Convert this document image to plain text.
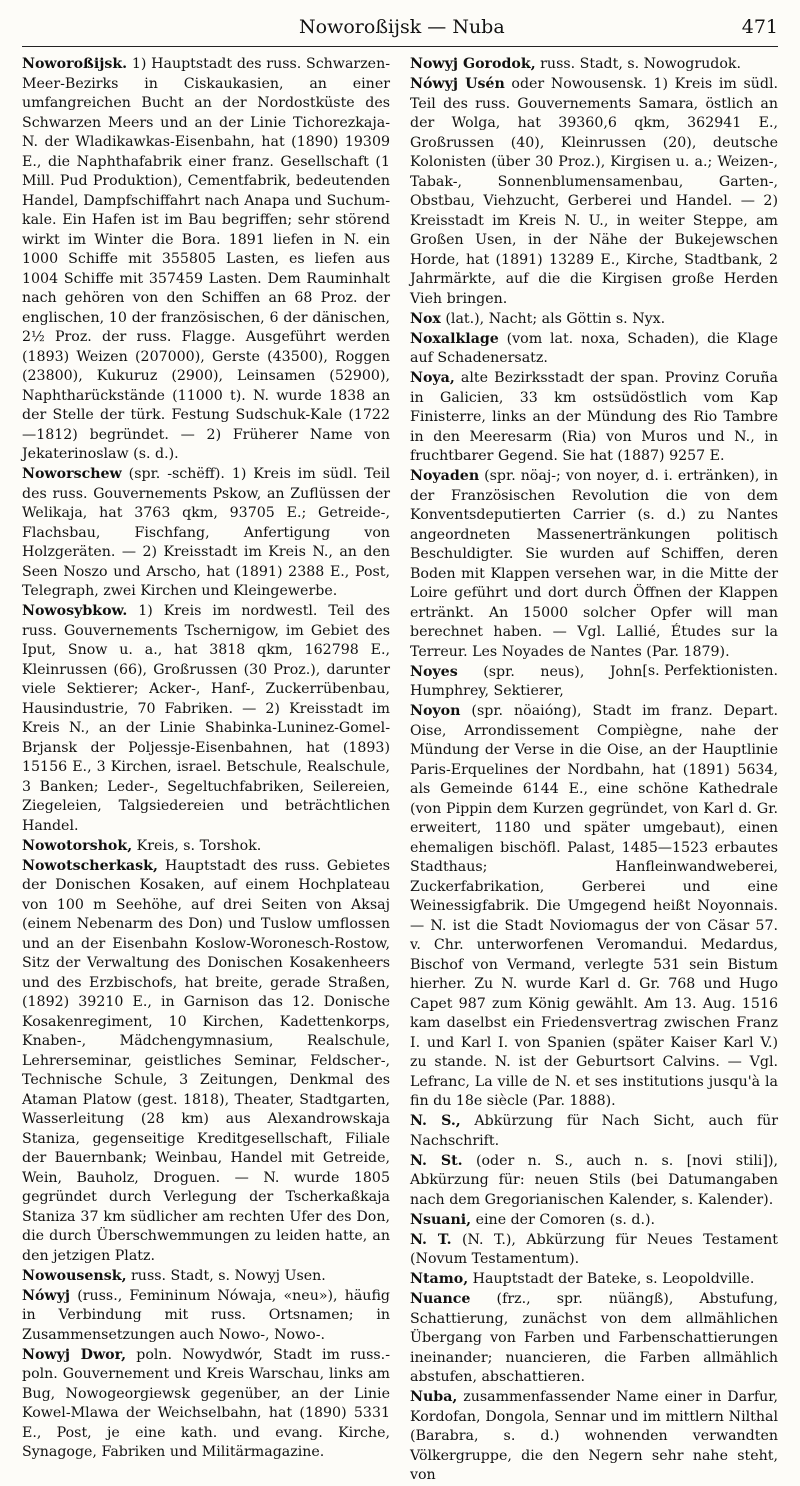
Noworoßijsk — Nuba	471

Noworoßijsk. 1) Hauptstadt des russ. Schwarzen-Meer-Bezirks in Ciskaukasien, an einer umfangreichen Bucht an der Nordostküste des Schwarzen Meers und an der Linie Tichorezkaja-N. der Wladikawkas-Eisenbahn, hat (1890) 19309 E., die Naphthafabrik einer franz. Gesellschaft (1 Mill. Pud Produktion), Cementfabrik, bedeutenden Handel, Dampfschiffahrt nach Anapa und Suchum-kale. Ein Hafen ist im Bau begriffen; sehr störend wirkt im Winter die Bora. 1891 liefen in N. ein 1000 Schiffe mit 355805 Lasten, es liefen aus 1004 Schiffe mit 357459 Lasten. Dem Rauminhalt nach gehören von den Schiffen an 68 Proz. der englischen, 10 der französischen, 6 der dänischen, 2½ Proz. der russ. Flagge. Ausgeführt werden (1893) Weizen (207000), Gerste (43500), Roggen (23800), Kukuruz (2900), Leinsamen (52900), Naphtharückstände (11000 t). N. wurde 1838 an der Stelle der türk. Festung Sudschuk-Kale (1722—1812) begründet. — 2) Früherer Name von Jekaterinoslaw (s. d.).

Noworschew (spr. -schëff). 1) Kreis im südl. Teil des russ. Gouvernements Pskow, an Zuflüssen der Welikaja, hat 3763 qkm, 93705 E.; Getreide-, Flachsbau, Fischfang, Anfertigung von Holzgeräten. — 2) Kreisstadt im Kreis N., an den Seen Noszo und Arscho, hat (1891) 2388 E., Post, Telegraph, zwei Kirchen und Kleingewerbe.

Nowosybkow. 1) Kreis im nordwestl. Teil des russ. Gouvernements Tschernigow, im Gebiet des Iput, Snow u. a., hat 3818 qkm, 162798 E., Kleinrussen (66), Großrussen (30 Proz.), darunter viele Sektierer; Acker-, Hanf-, Zuckerrübenbau, Hausindustrie, 70 Fabriken. — 2) Kreisstadt im Kreis N., an der Linie Shabinka-Luninez-Gomel-Brjansk der Poljessje-Eisenbahnen, hat (1893) 15156 E., 3 Kirchen, israel. Betschule, Realschule, 3 Banken; Leder-, Segeltuchfabriken, Seilereien, Ziegeleien, Talgsiedereien und beträchtlichen Handel.

Nowotorshok, Kreis, s. Torshok.

Nowotscherkask, Hauptstadt des russ. Gebietes der Donischen Kosaken, auf einem Hochplateau von 100 m Seehöhe, auf drei Seiten von Aksaj (einem Nebenarm des Don) und Tuslow umflossen und an der Eisenbahn Koslow-Woronesch-Rostow, Sitz der Verwaltung des Donischen Kosakenheers und des Erzbischofs, hat breite, gerade Straßen, (1892) 39210 E., in Garnison das 12. Donische Kosakenregiment, 10 Kirchen, Kadettenkorps, Knaben-, Mädchengymnasium, Realschule, Lehrerseminar, geistliches Seminar, Feldscher-, Technische Schule, 3 Zeitungen, Denkmal des Ataman Platow (gest. 1818), Theater, Stadtgarten, Wasserleitung (28 km) aus Alexandrowskaja Staniza, gegenseitige Kreditgesellschaft, Filiale der Bauernbank; Weinbau, Handel mit Getreide, Wein, Bauholz, Droguen. — N. wurde 1805 gegründet durch Verlegung der Tscherkaßkaja Staniza 37 km südlicher am rechten Ufer des Don, die durch Überschwemmungen zu leiden hatte, an den jetzigen Platz.

Nowousensk, russ. Stadt, s. Nowyj Usen.

Nówyj (russ., Femininum Nówaja, «neu»), häufig in Verbindung mit russ. Ortsnamen; in Zusammensetzungen auch Nowo-, Nowo-.

Nowyj Dwor, poln. Nowydwór, Stadt im russ.-poln. Gouvernement und Kreis Warschau, links am Bug, Nowogeorgiewsk gegenüber, an der Linie Kowel-Mlawa der Weichselbahn, hat (1890) 5331 E., Post, je eine kath. und evang. Kirche, Synagoge, Fabriken und Militärmagazine.

Nowyj Gorodok, russ. Stadt, s. Nowogrudok.

Nówyj Usén oder Nowousensk. 1) Kreis im südl. Teil des russ. Gouvernements Samara, östlich an der Wolga, hat 39360,6 qkm, 362941 E., Großrussen (40), Kleinrussen (20), deutsche Kolonisten (über 30 Proz.), Kirgisen u. a.; Weizen-, Tabak-, Sonnenblumensamenbau, Garten-, Obstbau, Viehzucht, Gerberei und Handel. — 2) Kreisstadt im Kreis N. U., in weiter Steppe, am Großen Usen, in der Nähe der Bukejewschen Horde, hat (1891) 13289 E., Kirche, Stadtbank, 2 Jahrmärkte, auf die die Kirgisen große Herden Vieh bringen.

Nox (lat.), Nacht; als Göttin s. Nyx.

Noxalklage (vom lat. noxa, Schaden), die Klage auf Schadenersatz.

Noya, alte Bezirksstadt der span. Provinz Coruña in Galicien, 33 km ostsüdöstlich vom Kap Finisterre, links an der Mündung des Rio Tambre in den Meeresarm (Ria) von Muros und N., in fruchtbarer Gegend. Sie hat (1887) 9257 E.

Noyaden (spr. nöaj-; von noyer, d. i. ertränken), in der Französischen Revolution die von dem Konventsdeputierten Carrier (s. d.) zu Nantes angeordneten Massenertränkungen politisch Beschuldigter. Sie wurden auf Schiffen, deren Boden mit Klappen versehen war, in die Mitte der Loire geführt und dort durch Öffnen der Klappen ertränkt. An 15000 solcher Opfer will man berechnet haben. — Vgl. Lallié, Études sur la Terreur. Les Noyades de Nantes (Par. 1879).
[s. Perfektionisten.

Noyes (spr. neus), John Humphrey, Sektierer,

Noyon (spr. nöaióng), Stadt im franz. Depart. Oise, Arrondissement Compiègne, nahe der Mündung der Verse in die Oise, an der Hauptlinie Paris-Erquelines der Nordbahn, hat (1891) 5634, als Gemeinde 6144 E., eine schöne Kathedrale (von Pippin dem Kurzen gegründet, von Karl d. Gr. erweitert, 1180 und später umgebaut), einen ehemaligen bischöfl. Palast, 1485—1523 erbautes Stadthaus; Hanfleinwandweberei, Zuckerfabrikation, Gerberei und eine Weinessigfabrik. Die Umgegend heißt Noyonnais. — N. ist die Stadt Noviomagus der von Cäsar 57. v. Chr. unterworfenen Veromandui. Medardus, Bischof von Vermand, verlegte 531 sein Bistum hierher. Zu N. wurde Karl d. Gr. 768 und Hugo Capet 987 zum König gewählt. Am 13. Aug. 1516 kam daselbst ein Friedensvertrag zwischen Franz I. und Karl I. von Spanien (später Kaiser Karl V.) zu stande. N. ist der Geburtsort Calvins. — Vgl. Lefranc, La ville de N. et ses institutions jusqu'à la fin du 18e siècle (Par. 1888).

N. S., Abkürzung für Nach Sicht, auch für Nachschrift.

N. St. (oder n. S., auch n. s. [novi stili]), Abkürzung für: neuen Stils (bei Datumangaben nach dem Gregorianischen Kalender, s. Kalender).

Nsuani, eine der Comoren (s. d.).

N. T. (N. T.), Abkürzung für Neues Testament (Novum Testamentum).

Ntamo, Hauptstadt der Bateke, s. Leopoldville.

Nuance (frz., spr. nüängß), Abstufung, Schattierung, zunächst von dem allmählichen Übergang von Farben und Farbenschattierungen ineinander; nuancieren, die Farben allmählich abstufen, abschattieren.

Nuba, zusammenfassender Name einer in Darfur, Kordofan, Dongola, Sennar und im mittlern Nilthal (Barabra, s. d.) wohnenden verwandten Völkergruppe, die den Negern sehr nahe steht, von
